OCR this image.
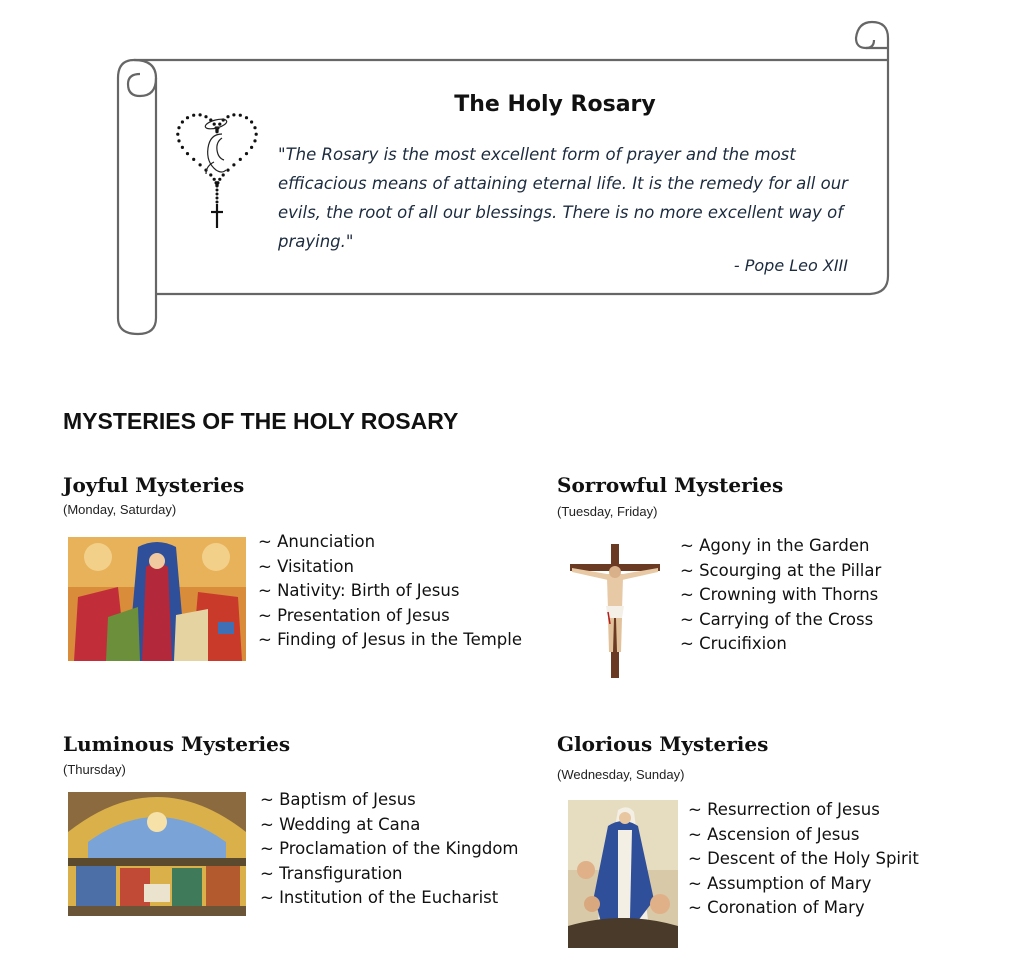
The Holy Rosary
"The Rosary is the most excellent form of prayer and the most
efficacious means of attaining eternal life. It is the remedy for all our
evils, the root of all our blessings. There is no more excellent way of
praying."
- Pope Leo XIII
MYSTERIES OF THE HOLY ROSARY
Joyful Mysteries
(Monday, Saturday)
~ Anunciation
~ Visitation
~ Nativity: Birth of Jesus
~ Presentation of Jesus
~ Finding of Jesus in the Temple
Sorrowful Mysteries
(Tuesday, Friday)
~ Agony in the Garden
~ Scourging at the Pillar
~ Crowning with Thorns
~ Carrying of the Cross
~ Crucifixion
Luminous Mysteries
(Thursday)
~ Baptism of Jesus
~ Wedding at Cana
~ Proclamation of the Kingdom
~ Transfiguration
~ Institution of the Eucharist
Glorious Mysteries
(Wednesday, Sunday)
~ Resurrection of Jesus
~ Ascension of Jesus
~ Descent of the Holy Spirit
~ Assumption of Mary
~ Coronation of Mary
